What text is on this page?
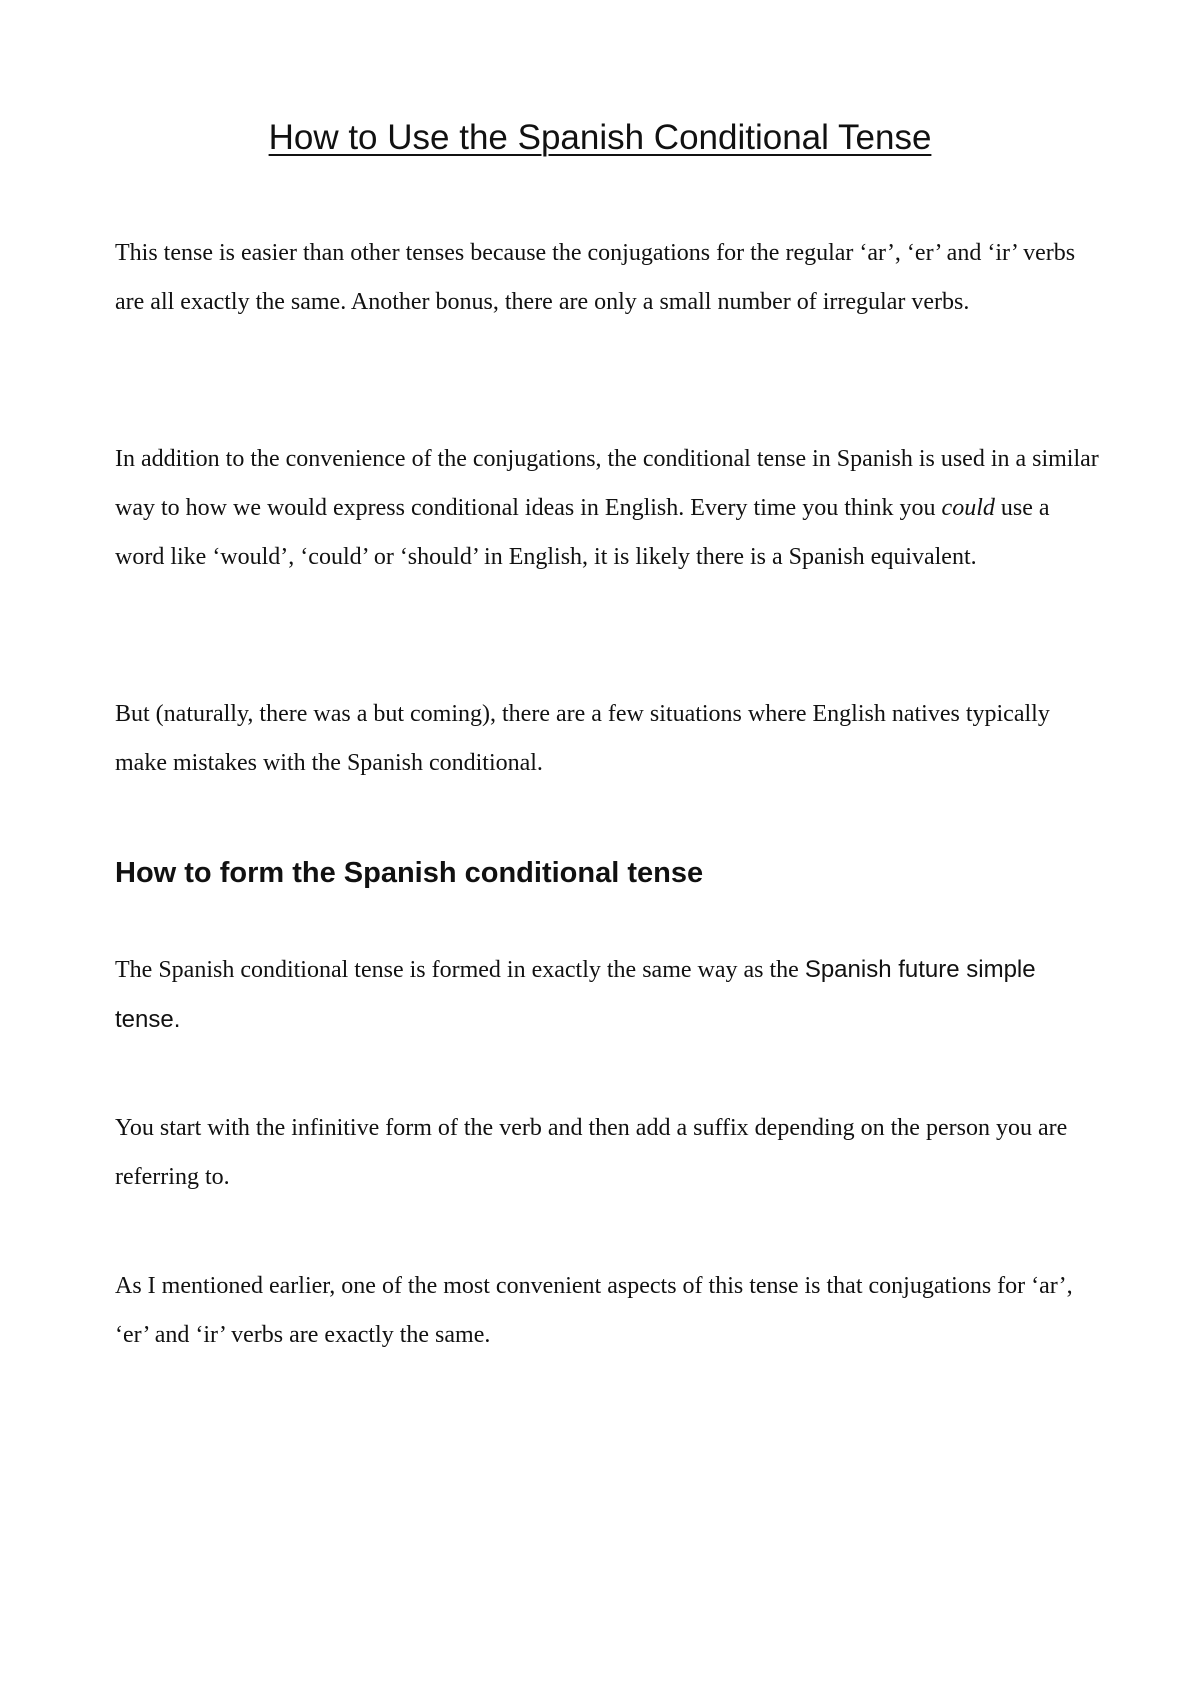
How to Use the Spanish Conditional Tense

This tense is easier than other tenses because the conjugations for the regular ‘ar’, ‘er’ and ‘ir’ verbs are all exactly the same. Another bonus, there are only a small number of irregular verbs.

In addition to the convenience of the conjugations, the conditional tense in Spanish is used in a similar way to how we would express conditional ideas in English. Every time you think you could use a word like ‘would’, ‘could’ or ‘should’ in English, it is likely there is a Spanish equivalent.

But (naturally, there was a but coming), there are a few situations where English natives typically make mistakes with the Spanish conditional.

How to form the Spanish conditional tense

The Spanish conditional tense is formed in exactly the same way as the Spanish future simple tense.

You start with the infinitive form of the verb and then add a suffix depending on the person you are referring to.

As I mentioned earlier, one of the most convenient aspects of this tense is that conjugations for ‘ar’, ‘er’ and ‘ir’ verbs are exactly the same.
